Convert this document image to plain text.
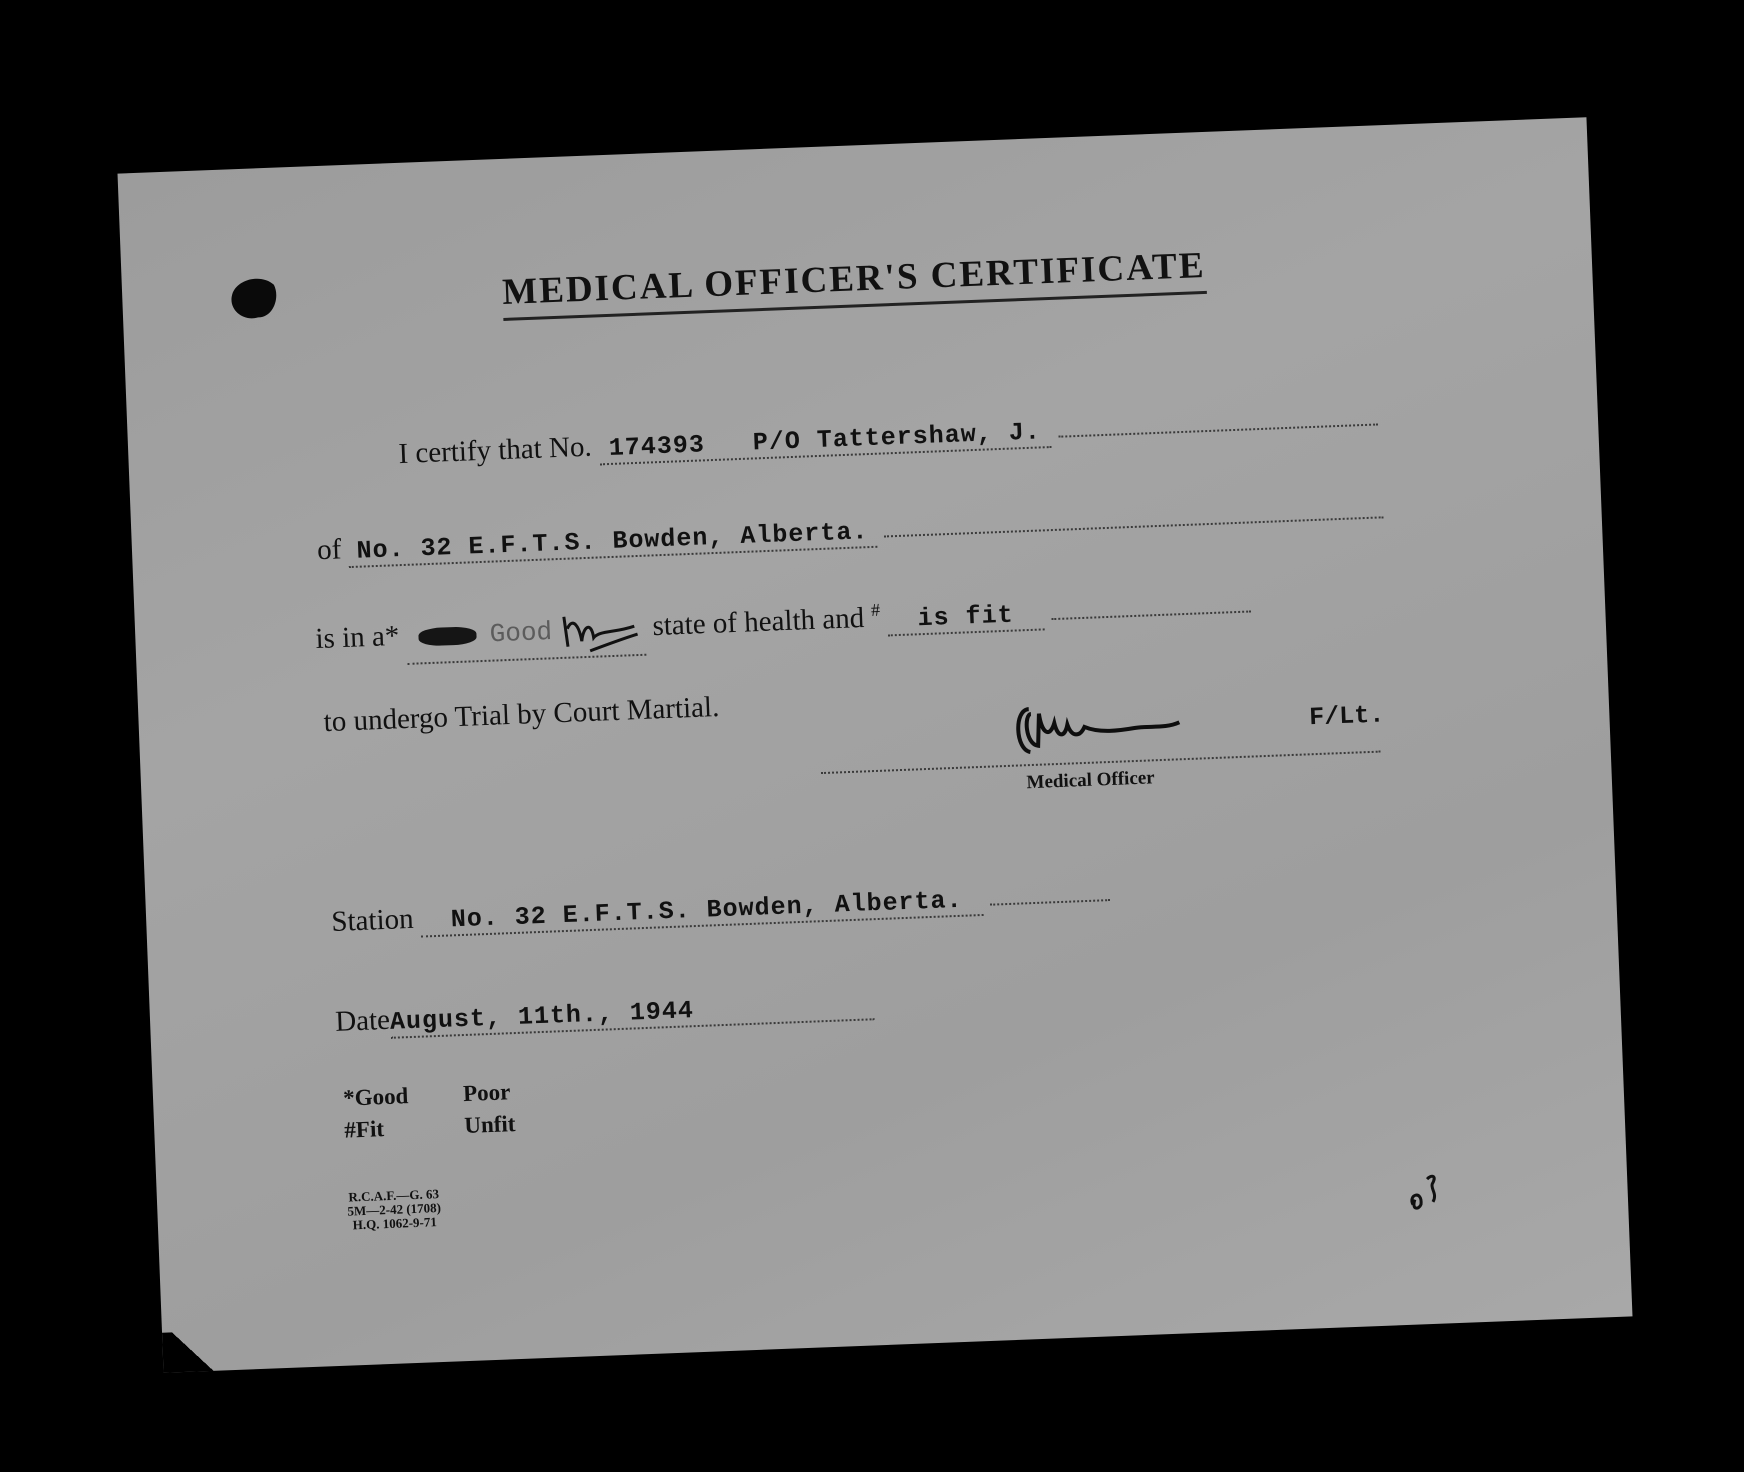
MEDICAL OFFICER'S CERTIFICATE
I certify that No. 174393 P/O Tattershaw, J.
of No. 32 E.F.T.S. Bowden, Alberta.
is in a*	Good	state of health and # is fit
to undergo Trial by Court Martial.	F/Lt.
Medical Officer
Station No. 32 E.F.T.S. Bowden, Alberta.
DateAugust, 11th., 1944
*Good	Poor
#Fit	Unfit
R.C.A.F.—G. 63
5M—2-42 (1708)
H.Q. 1062-9-71
